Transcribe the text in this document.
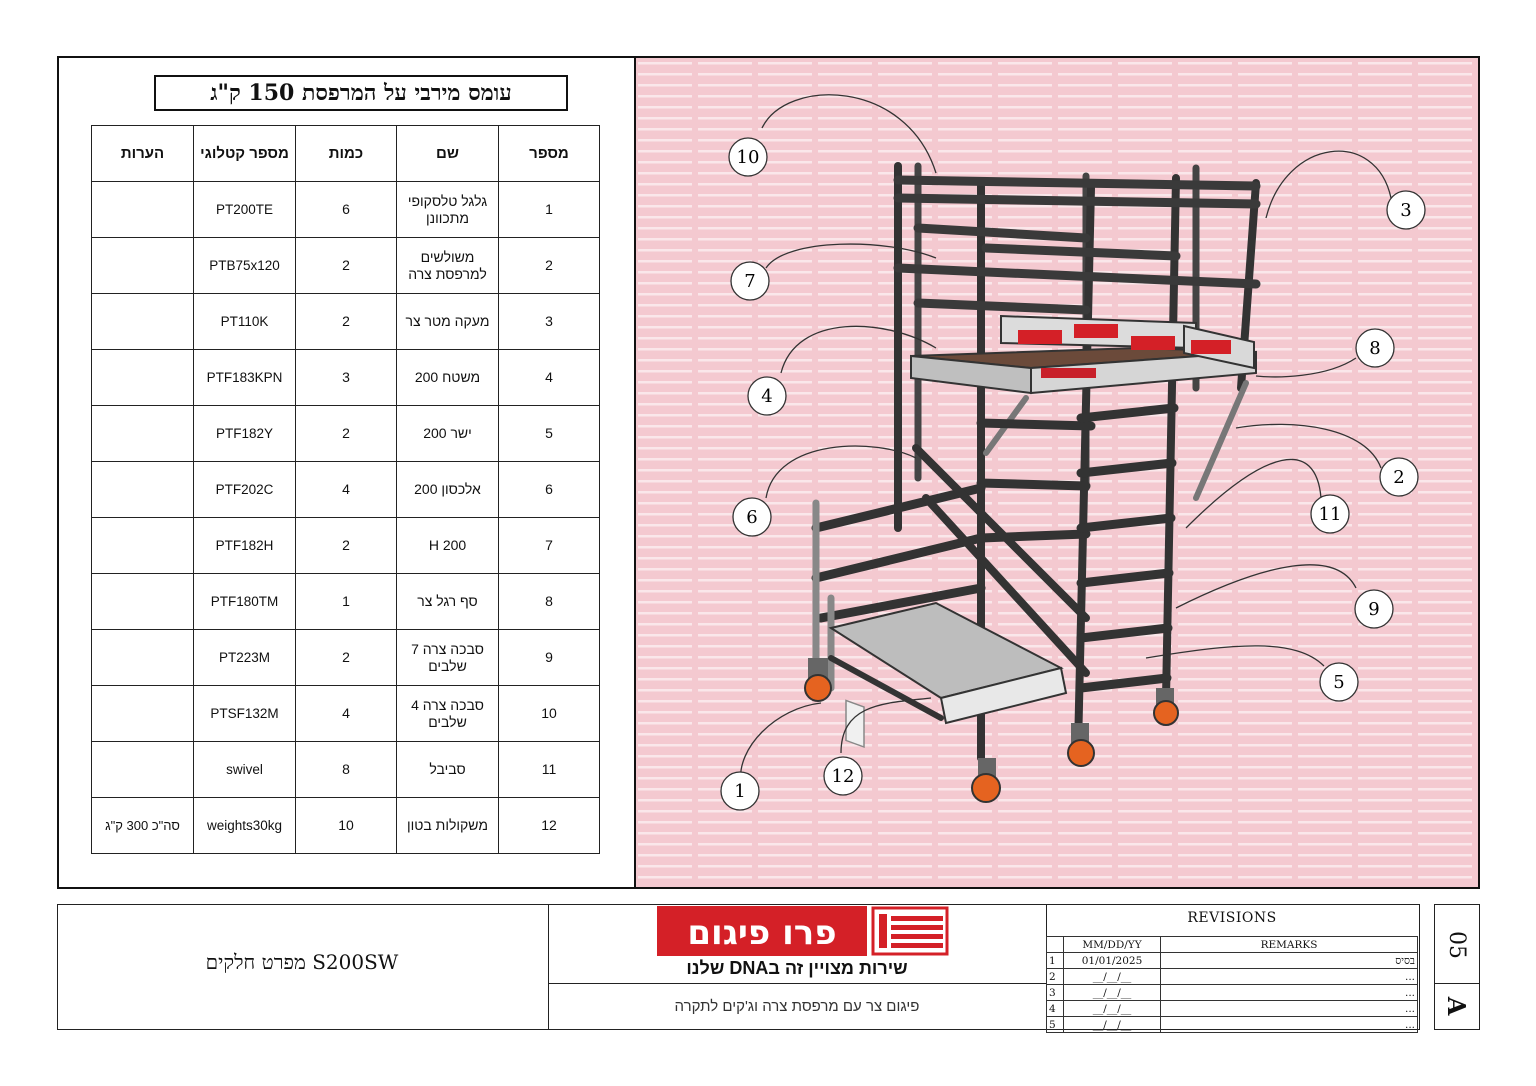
עומס מירבי על המרפסת 150 ק"ג
מספר	שם	כמות	מספר קטלוגי	הערות
1	גלגל טלסקופי מתכוונן	6	PT200TE	
2	משולשים למרפסת צרה	2	PTB75x120	
3	מעקה מטר צר	2	PT110K	
4	משטח 200	3	PTF183KPN	
5	ישר 200	2	PTF182Y	
6	אלכסון 200	4	PTF202C	
7	H 200	2	PTF182H	
8	סף רגל צר	1	PTF180TM	
9	סבכה צרה 7 שלבים	2	PT223M	
10	סבכה צרה 4 שלבים	4	PTSF132M	
11	סביבל	8	swivel	
12	משקולות בטון	10	weights30kg	סה"כ 300 ק"ג
10
3
7
8
4
2
6	11
9
5
1
12
S200SW מפרט חלקים
פרו פיגום
שירות מצויין זה בDNA שלנו
פיגום צר עם מרפסת צרה וג'קים לתקרה
REVISIONS
	MM/DD/YY	REMARKS
1	01/01/2025	בסיס
2	__/__/__	...
3	__/__/__	...
4	__/__/__	...
5	__/__/__	...
05
A
